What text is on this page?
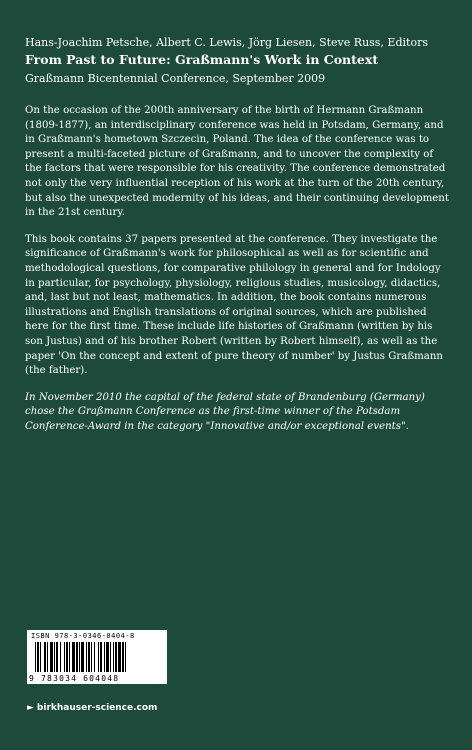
Hans-Joachim Petsche, Albert C. Lewis, Jörg Liesen, Steve Russ, Editors

From Past to Future: Graßmann's Work in Context

Graßmann Bicentennial Conference, September 2009

On the occasion of the 200th anniversary of the birth of Hermann Graßmann (1809-1877), an interdisciplinary conference was held in Potsdam, Germany, and in Graßmann's hometown Szczecin, Poland. The idea of the conference was to present a multi-faceted picture of Graßmann, and to uncover the complexity of the factors that were responsible for his creativity. The conference demonstrated not only the very influential reception of his work at the turn of the 20th century, but also the unexpected modernity of his ideas, and their continuing development in the 21st century.

This book contains 37 papers presented at the conference. They investigate the significance of Graßmann's work for philosophical as well as for scientific and methodological questions, for comparative philology in general and for Indology in particular, for psychology, physiology, religious studies, musicology, didactics, and, last but not least, mathematics. In addition, the book contains numerous illustrations and English translations of original sources, which are published here for the first time. These include life histories of Graßmann (written by his son Justus) and of his brother Robert (written by Robert himself), as well as the paper 'On the concept and extent of pure theory of number' by Justus Graßmann (the father).

In November 2010 the capital of the federal state of Brandenburg (Germany) chose the Graßmann Conference as the first-time winner of the Potsdam Conference-Award in the category "Innovative and/or exceptional events".

ISBN 978-3-0346-0404-8
9 783034 604048
► birkhauser-science.com
